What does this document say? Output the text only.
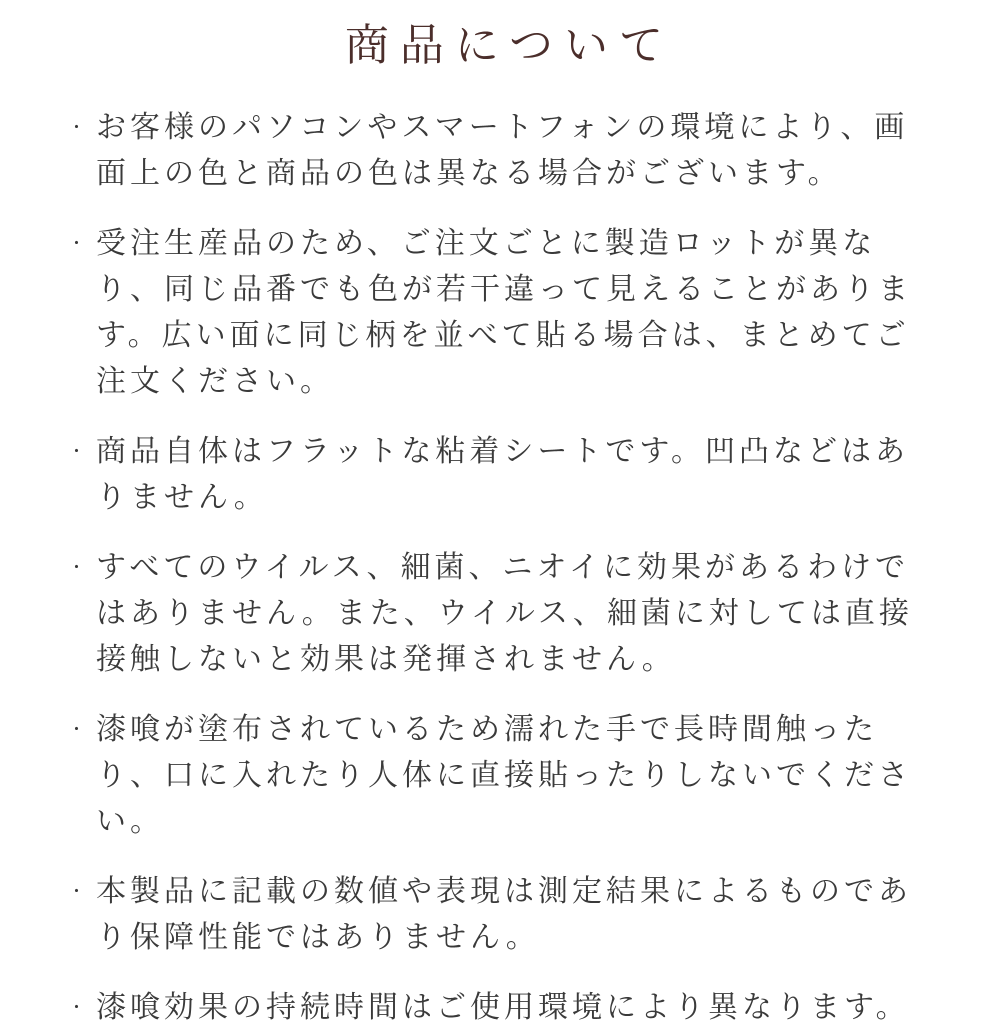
商品について
・ お客様のパソコンやスマートフォンの環境により、画面上の色と商品の色は異なる場合がございます。

・ 受注生産品のため、ご注文ごとに製造ロットが異なり、同じ品番でも色が若干違って見えることがあります。広い面に同じ柄を並べて貼る場合は、まとめてご注文ください。

・ 商品自体はフラットな粘着シートです。凹凸などはありません。

・ すべてのウイルス、細菌、ニオイに効果があるわけではありません。また、ウイルス、細菌に対しては直接接触しないと効果は発揮されません。

・ 漆喰が塗布されているため濡れた手で長時間触ったり、口に入れたり人体に直接貼ったりしないでください。

・ 本製品に記載の数値や表現は測定結果によるものであり保障性能ではありません。

・ 漆喰効果の持続時間はご使用環境により異なります。
